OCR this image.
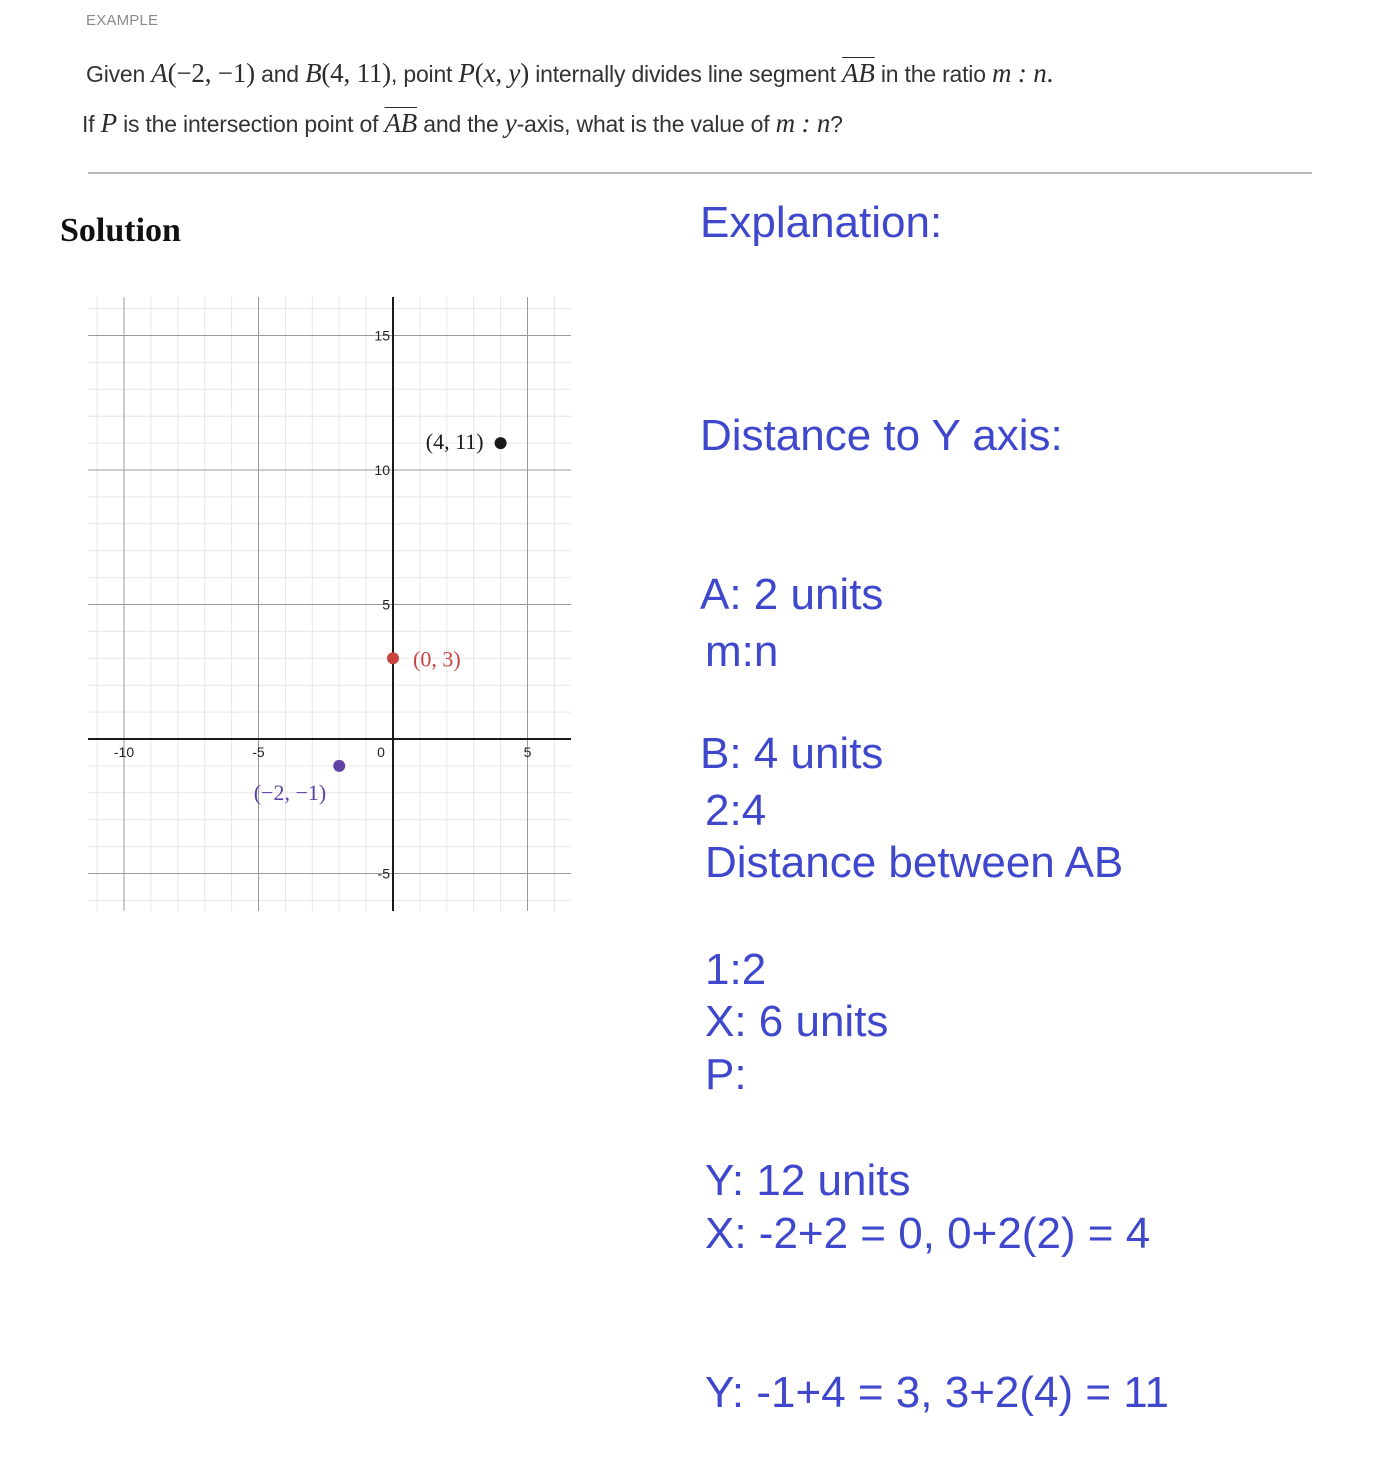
EXAMPLE
Given A(−2, −1) and B(4, 11), point P(x, y) internally divides line segment $\overline{AB}$ in the ratio m : n.
If P is the intersection point of $\overline{AB}$ and the y-axis, what is the value of m : n?
Solution
-10	-5	0	5
-5
5
10
15
(4, 11)
(0, 3)
(−2, −1)
Explanation:

Distance to Y axis:

A: 2 units

B: 4 units

m:n

2:4

1:2

Distance between AB

X: 6 units

Y: 12 units

P:

X: -2+2 = 0, 0+2(2) = 4

Y: -1+4 = 3, 3+2(4) = 11
